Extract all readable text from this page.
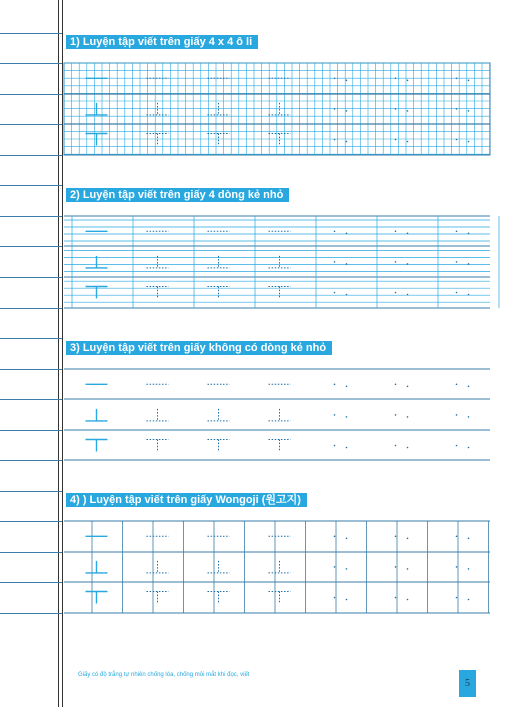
1) Luyện tập viết trên giấy 4 x 4 ô li
2) Luyện tập viết trên giấy 4 dòng kẻ nhỏ
3) Luyện tập viết trên giấy không có dòng kẻ nhỏ
4) ) Luyện tập viết trên giấy Wongoji (원고지)
Giấy có độ trắng tự nhiên chống lóa, chống mỏi mắt khi đọc, viết
5
